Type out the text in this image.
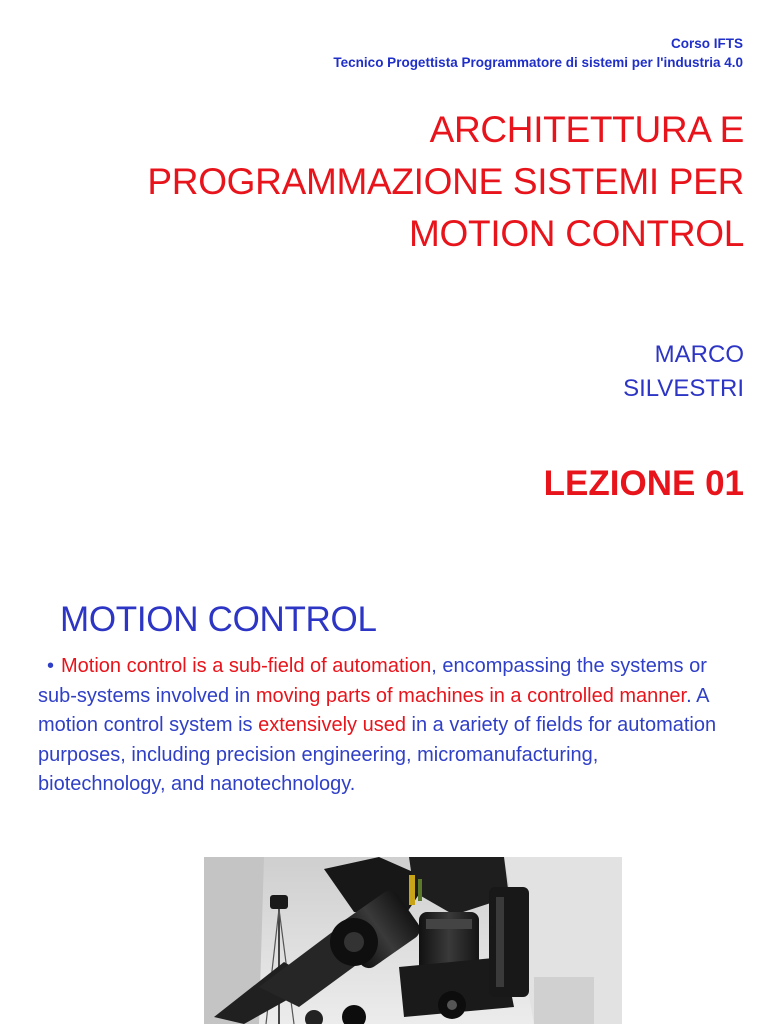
Corso IFTS
Tecnico Progettista Programmatore di sistemi per l'industria 4.0
ARCHITETTURA E
PROGRAMMAZIONE SISTEMI PER
MOTION CONTROL
MARCO
SILVESTRI
LEZIONE 01
MOTION CONTROL
• Motion control is a sub-field of automation, encompassing the systems or sub-systems involved in moving parts of machines in a controlled manner. A motion control system is extensively used in a variety of fields for automation purposes, including precision engineering, micromanufacturing, biotechnology, and nanotechnology.
